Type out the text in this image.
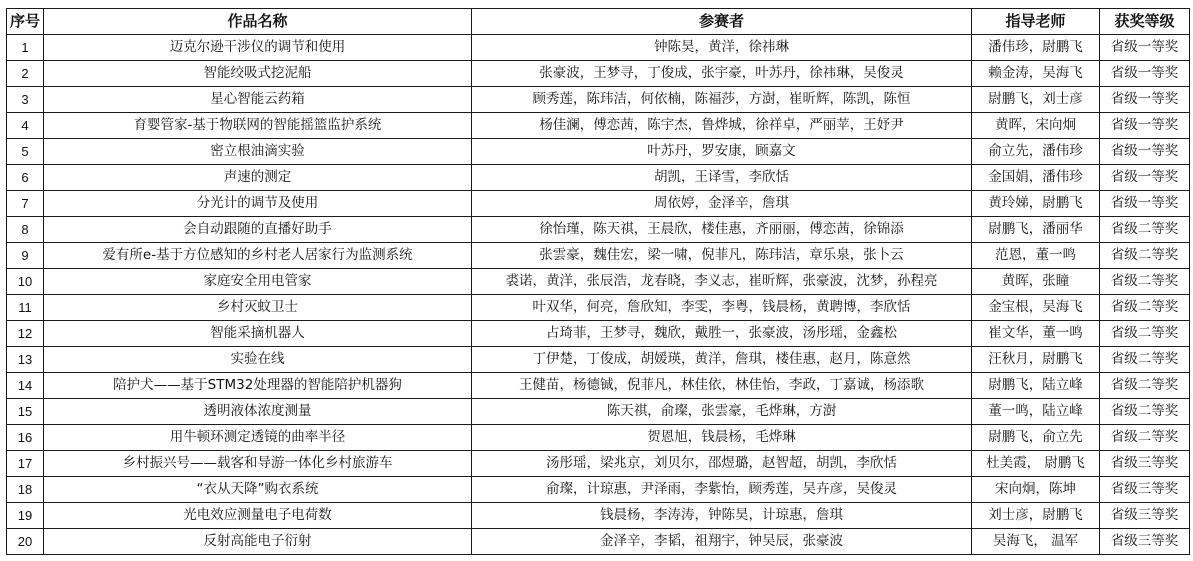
序号	作品名称	参赛者	指导老师	获奖等级
1	迈克尔逊干涉仪的调节和使用	钟陈昊，黄洋，徐祎琳	潘伟珍，尉鹏飞	省级一等奖
2	智能绞吸式挖泥船	张豪波，王梦寻，丁俊成，张宇豪，叶苏丹，徐祎琳，吴俊灵	赖金涛，吴海飞	省级一等奖
3	星心智能云药箱	顾秀莲，陈玮洁，何依楠，陈福莎，方澍，崔昕辉，陈凯，陈恒	尉鹏飞，刘士彦	省级一等奖
4	育婴管家-基于物联网的智能摇篮监护系统	杨佳澜，傅恋茜，陈宇杰，鲁烨城，徐祥卓，严丽苹，王妤尹	黄晖，宋向炯	省级一等奖
5	密立根油滴实验	叶苏丹，罗安康，顾嘉文	俞立先，潘伟珍	省级一等奖
6	声速的测定	胡凯，王译雪，李欣恬	金国娟，潘伟珍	省级一等奖
7	分光计的调节及使用	周依婷，金泽辛，詹琪	黄玲娣，尉鹏飞	省级一等奖
8	会自动跟随的直播好助手	徐怡瑾，陈天祺，王晨欣，楼佳惠，齐丽丽，傅恋茜，徐锦添	尉鹏飞，潘丽华	省级二等奖
9	爱有所e-基于方位感知的乡村老人居家行为监测系统	张雲豪，魏佳宏，梁一啸，倪菲凡，陈玮洁，章乐泉，张卜云	范恩，董一鸣	省级二等奖
10	家庭安全用电管家	裘诺，黄洋，张辰浩，龙春晓，李义志，崔昕辉，张豪波，沈梦，孙程亮	黄晖，张瞳	省级二等奖
11	乡村灭蚊卫士	叶双华，何亮，詹欣知，李雯，李粤，钱晨杨，黄聘博，李欣恬	金宝根，吴海飞	省级二等奖
12	智能采摘机器人	占琦菲，王梦寻，魏欣，戴胜一，张豪波，汤彤瑶，金鑫松	崔文华，董一鸣	省级二等奖
13	实验在线	丁伊楚，丁俊成，胡媛瑛，黄洋，詹琪，楼佳惠，赵月，陈意然	汪秋月，尉鹏飞	省级二等奖
14	陪护犬——基于STM32处理器的智能陪护机器狗	王健苗，杨德铖，倪菲凡，林佳依，林佳怡，李政，丁嘉诚，杨添歌	尉鹏飞，陆立峰	省级二等奖
15	透明液体浓度测量	陈天祺，俞璨，张雲豪，毛烨琳，方澍	董一鸣，陆立峰	省级二等奖
16	用牛顿环测定透镜的曲率半径	贺恩旭，钱晨杨，毛烨琳	尉鹏飞，俞立先	省级二等奖
17	乡村振兴号——载客和导游一体化乡村旅游车	汤彤瑶，梁兆京，刘贝尔，邵煜璐，赵智超，胡凯，李欣恬	杜美霞， 尉鹏飞	省级三等奖
18	“衣从天降”购衣系统	俞璨，计琼惠，尹泽雨，李紫怡，顾秀莲，吴卉彦，吴俊灵	宋向炯，陈坤	省级三等奖
19	光电效应测量电子电荷数	钱晨杨，李涛涛，钟陈昊，计琼惠，詹琪	刘士彦，尉鹏飞	省级三等奖
20	反射高能电子衍射	金泽辛，李韬，祖翔宇，钟吴辰，张豪波	吴海飞， 温军	省级三等奖
